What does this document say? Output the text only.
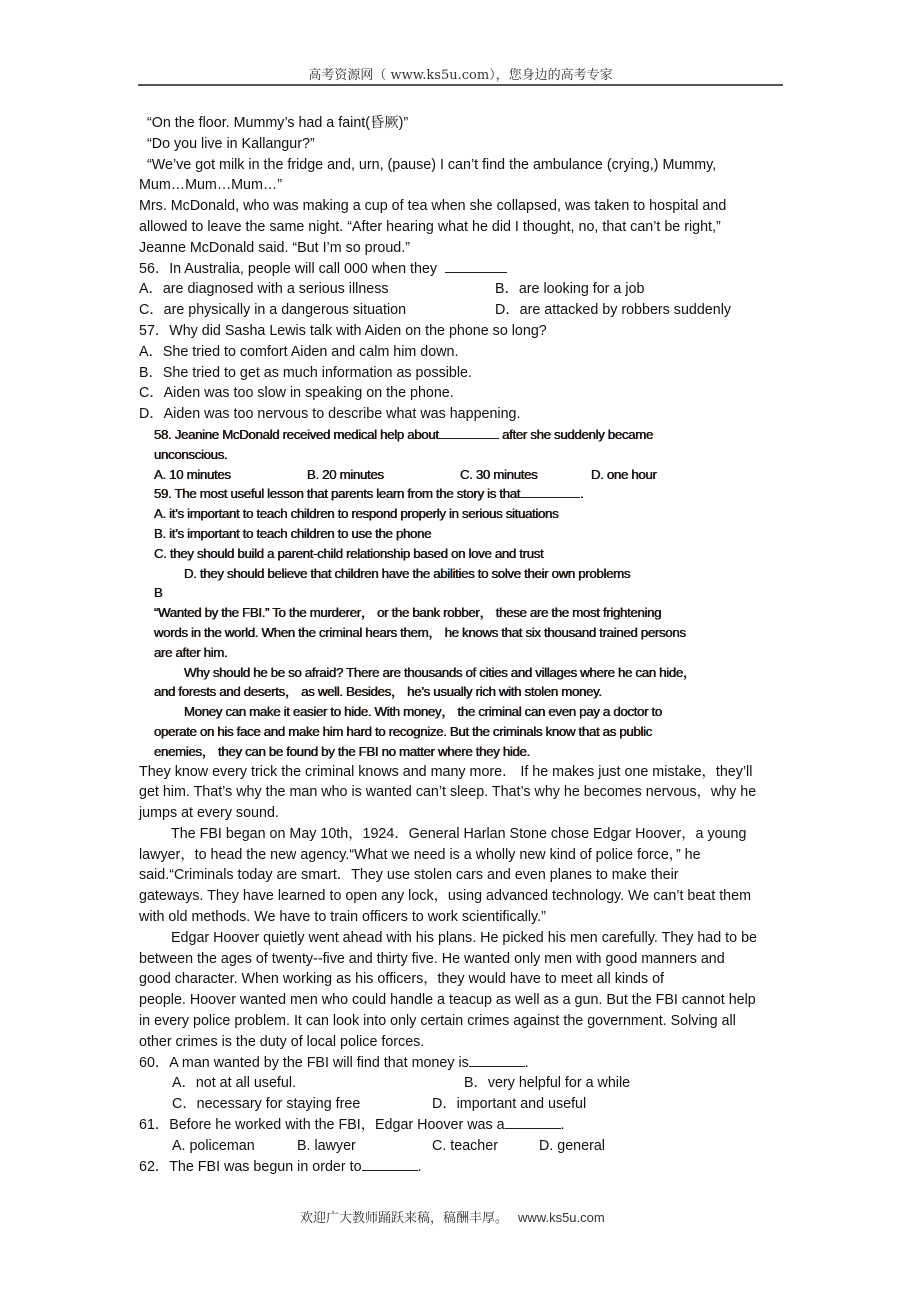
高考资源网（ www.ks5u.com），您身边的高考专家
“On the floor. Mummy’s had a faint(昏厥)”
“Do you live in Kallangur?”
“We’ve got milk in the fridge and, urn, (pause) I can’t find the ambulance (crying,) Mummy,
Mum…Mum…Mum…”
Mrs. McDonald, who was making a cup of tea when she collapsed, was taken to hospital and
allowed to leave the same night. “After hearing what he did I thought, no, that can’t be right,”
Jeanne McDonald said. “But I’m so proud.”
56．In Australia, people will call 000 when they
A．are diagnosed with a serious illness	B．are looking for a job
C．are physically in a dangerous situation	D．are attacked by robbers suddenly
57．Why did Sasha Lewis talk with Aiden on the phone so long?
A．She tried to comfort Aiden and calm him down.
B．She tried to get as much information as possible.
C．Aiden was too slow in speaking on the phone.
D．Aiden was too nervous to describe what was happening.
58. Jeanine McDonald received medical help about	after she suddenly became
unconscious.
A. 10 minutes	B. 20 minutes	C. 30 minutes	D. one hour
59. The most useful lesson that parents learn from the story is that	.
A. it’s important to teach children to respond properly in serious situations
B. it’s important to teach children to use the phone
C. they should build a parent-child relationship based on love and trust
D. they should believe that children have the abilities to solve their own problems
B
“Wanted by the FBI.” To the murderer， or the bank robber， these are the most frightening
words in the world. When the criminal hears them， he knows that six thousand trained persons
are after him.
Why should he be so afraid? There are thousands of cities and villages where he can hide，
and forests and deserts， as well. Besides， he’s usually rich with stolen money.
Money can make it easier to hide. With money， the criminal can even pay a doctor to
operate on his face and make him hard to recognize. But the criminals know that as public
enemies， they can be found by the FBI no matter where they hide.
They know every trick the criminal knows and many more． If he makes just one mistake，they’ll
get him. That’s why the man who is wanted can’t sleep. That’s why he becomes nervous，why he
jumps at every sound.
The FBI began on May 10th，1924．General Harlan Stone chose Edgar Hoover，a young
lawyer，to head the new agency.“What we need is a wholly new kind of police force，” he
said.“Criminals today are smart．They use stolen cars and even planes to make their
gateways. They have learned to open any lock，using advanced technology. We can’t beat them
with old methods. We have to train officers to work scientifically.”
Edgar Hoover quietly went ahead with his plans. He picked his men carefully. They had to be
between the ages of twenty--five and thirty five. He wanted only men with good manners and
good character. When working as his officers，they would have to meet all kinds of
people. Hoover wanted men who could handle a teacup as well as a gun. But the FBI cannot help
in every police problem. It can look into only certain crimes against the government. Solving all
other crimes is the duty of local police forces.
60．A man wanted by the FBI will find that money is	.
A．not at all useful.	B．very helpful for a while
C．necessary for staying free	D．important and useful
61．Before he worked with the FBI，Edgar Hoover was a	.
A. policeman	B. lawyer	C. teacher	D. general
62．The FBI was begun in order to	.
欢迎广大教师踊跃来稿，稿酬丰厚。 www.ks5u.com
